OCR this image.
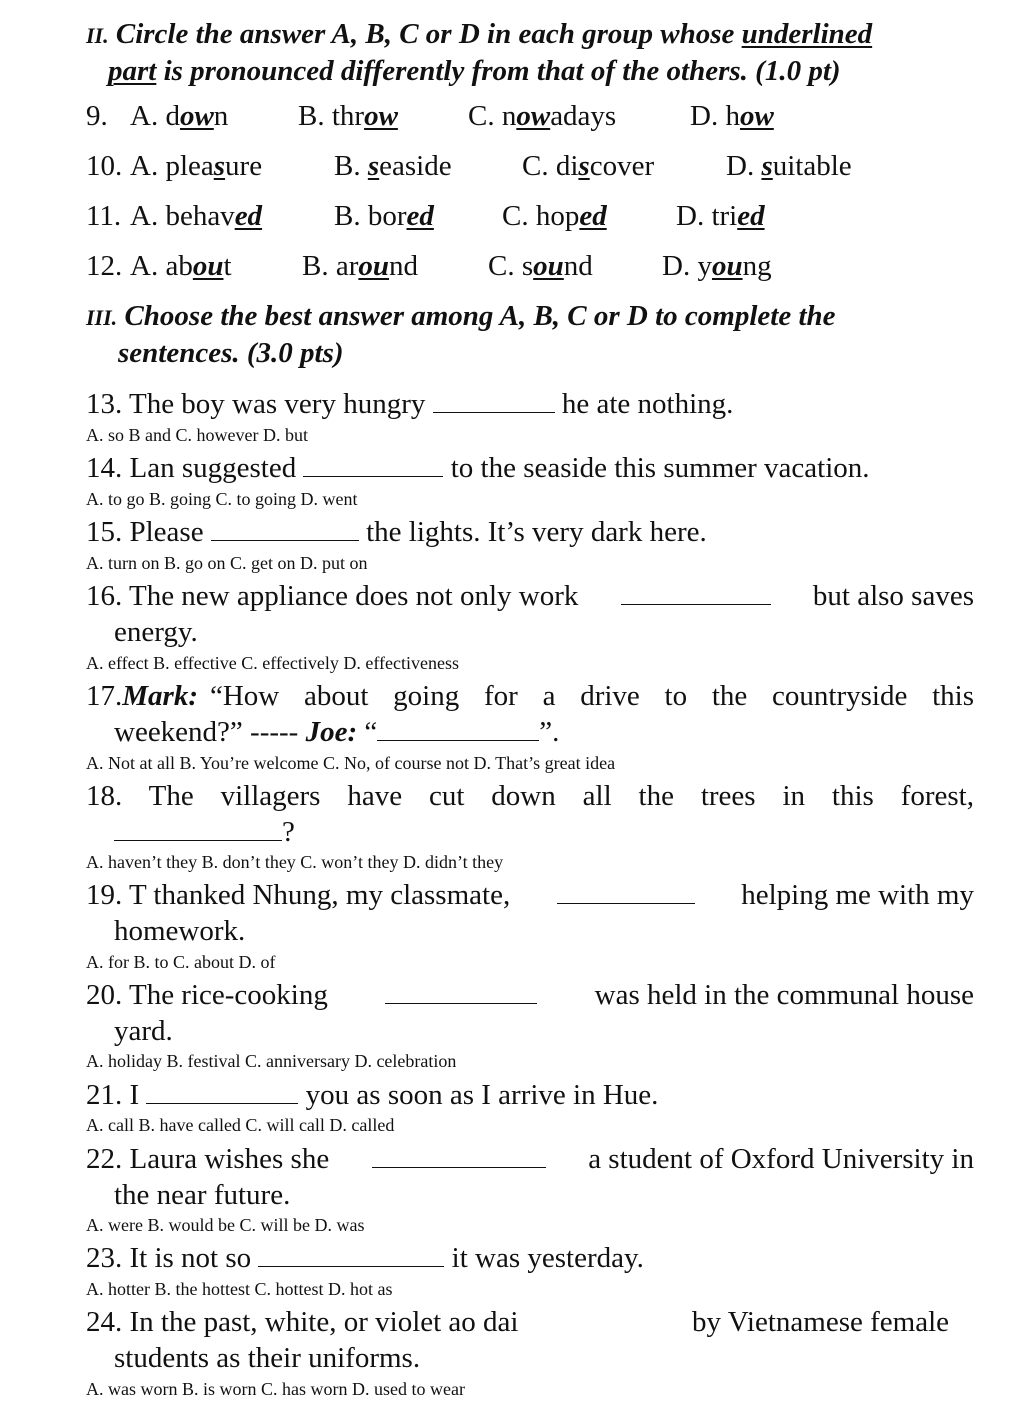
II. Circle the answer A, B, C or D in each group whose underlined
part is pronounced differently from that of the others. (1.0 pt)
9. A. down B. throw C. nowadays	D. how
10. A. pleasure B. seaside C. discover D. suitable
11. A. behaved B. bored C. hoped D. tried
12. A. about B. around C. sound D. young
III. Choose the best answer among A, B, C or D to complete the
sentences. (3.0 pts)
13. The boy was very hungry	he ate nothing.
A. so B and C. however D. but
14. Lan suggested	to the seaside this summer vacation.
A. to go B. going C. to going D. went
15. Please	the lights. It’s very dark here.
A. turn on B. go on C. get on D. put on
16. The new appliance does not only work	but also saves
energy.
A. effect B. effective C. effectively D. effectiveness
17. Mark: “How about going for a drive to the countryside this
weekend?” ----- Joe: “	”.
A. Not at all B. You’re welcome C. No, of course not D. That’s great idea
18. The villagers have cut down all the trees in this forest,
?
A. haven’t they B. don’t they C. won’t they D. didn’t they
19. T thanked Nhung, my classmate,	helping me with my
homework.
A. for B. to C. about D. of
20. The rice-cooking	was held in the communal house
yard.
A. holiday B. festival C. anniversary D. celebration
21. I	you as soon as I arrive in Hue.
A. call B. have called C. will call D. called
22. Laura wishes she	a student of Oxford University in
the near future.
A. were B. would be C. will be D. was
23. It is not so	it was yesterday.
A. hotter B. the hottest C. hottest D. hot as
24. In the past, white, or violet ao dai	by Vietnamese female
students as their uniforms.
A. was worn B. is worn C. has worn D. used to wear
